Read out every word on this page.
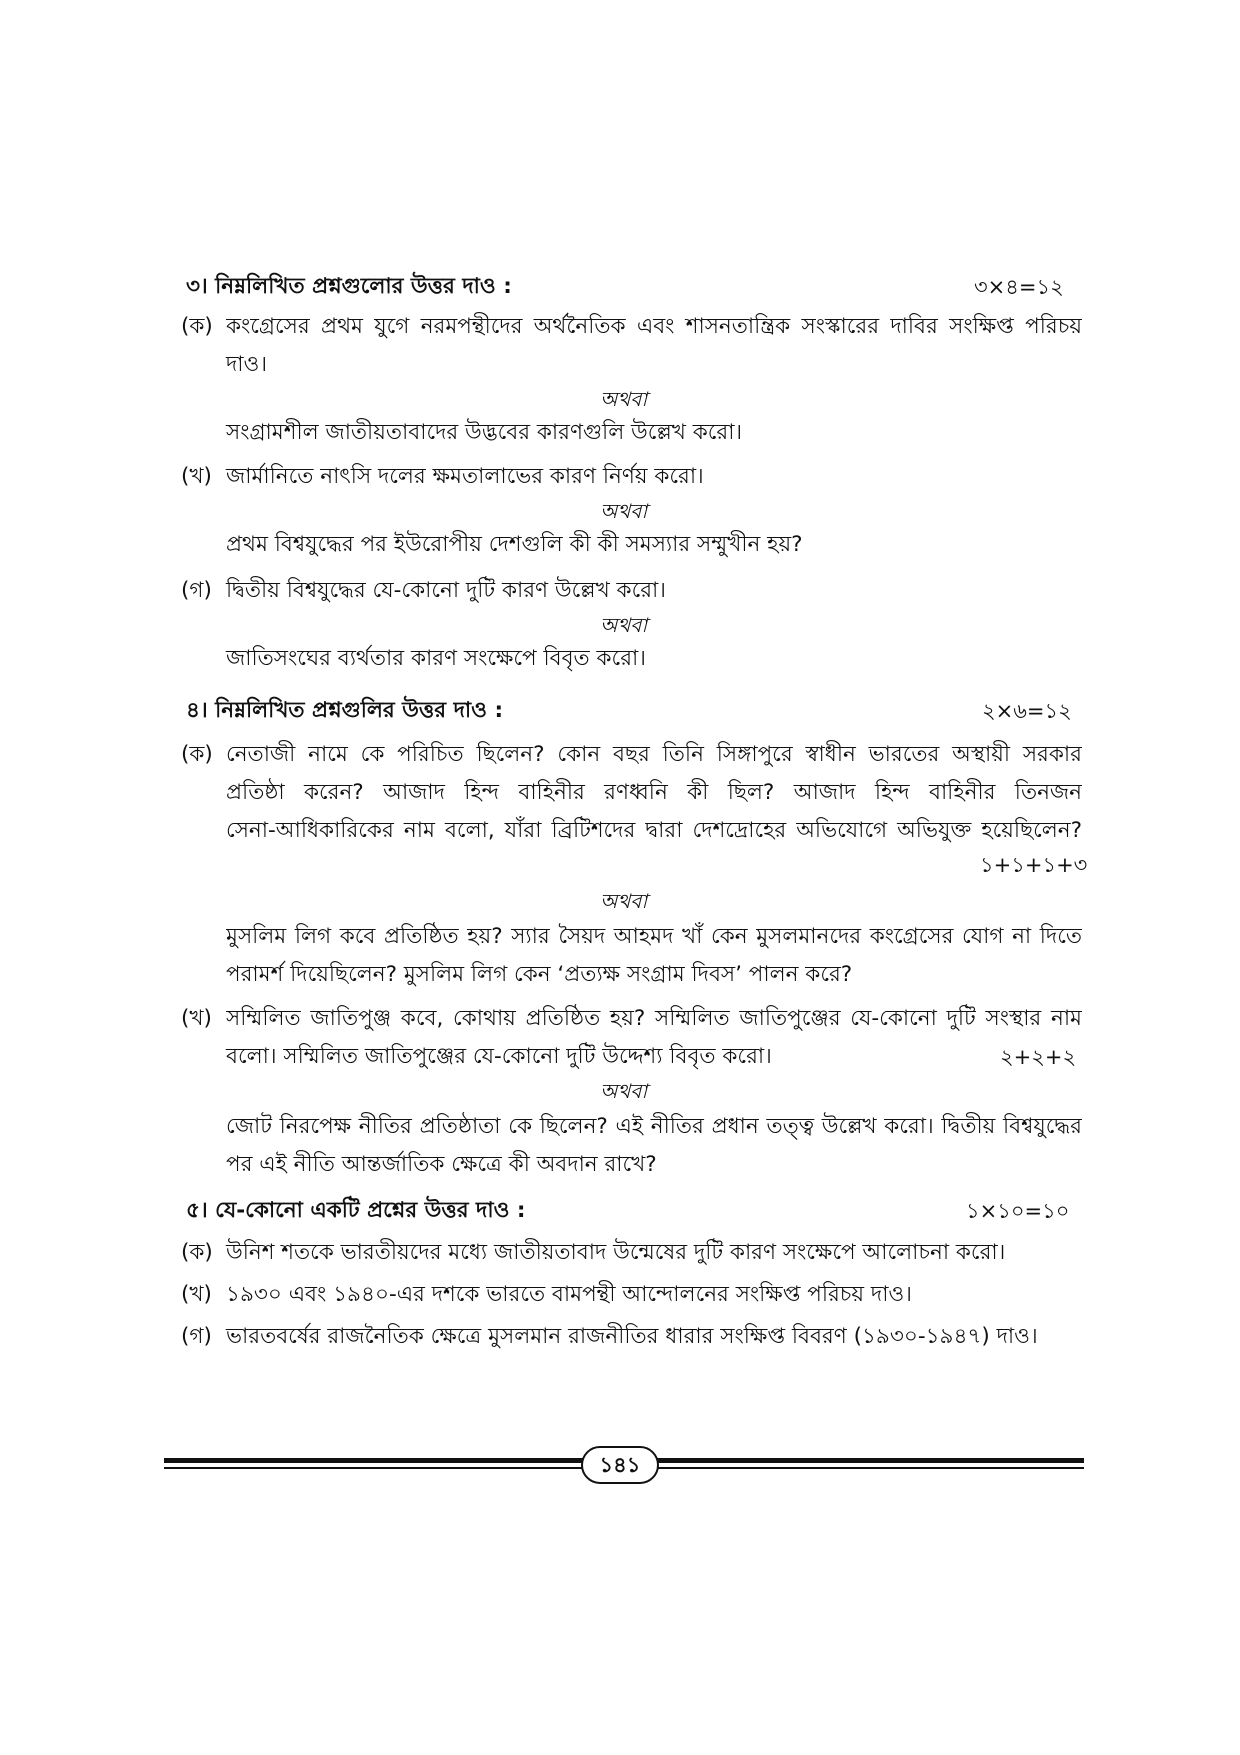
৩। নিম্নলিখিত প্রশ্নগুলোর উত্তর দাও :	৩×৪=১২
(ক) কংগ্রেসের প্রথম যুগে নরমপন্থীদের অর্থনৈতিক এবং শাসনতান্ত্রিক সংস্কারের দাবির সংক্ষিপ্ত পরিচয়
দাও।
অথবা
সংগ্রামশীল জাতীয়তাবাদের উদ্ভবের কারণগুলি উল্লেখ করো।
(খ) জার্মানিতে নাৎসি দলের ক্ষমতালাভের কারণ নির্ণয় করো।
অথবা
প্রথম বিশ্বযুদ্ধের পর ইউরোপীয় দেশগুলি কী কী সমস্যার সম্মুখীন হয়?
(গ) দ্বিতীয় বিশ্বযুদ্ধের যে-কোনো দুটি কারণ উল্লেখ করো।
অথবা
জাতিসংঘের ব্যর্থতার কারণ সংক্ষেপে বিবৃত করো।
৪। নিম্নলিখিত প্রশ্নগুলির উত্তর দাও :	২×৬=১২
(ক) নেতাজী নামে কে পরিচিত ছিলেন? কোন বছর তিনি সিঙ্গাপুরে স্বাধীন ভারতের অস্থায়ী সরকার
প্রতিষ্ঠা করেন? আজাদ হিন্দ বাহিনীর রণধ্বনি কী ছিল? আজাদ হিন্দ বাহিনীর তিনজন
সেনা-আধিকারিকের নাম বলো, যাঁরা ব্রিটিশদের দ্বারা দেশদ্রোহের অভিযোগে অভিযুক্ত হয়েছিলেন?
১+১+১+৩
অথবা
মুসলিম লিগ কবে প্রতিষ্ঠিত হয়? স্যার সৈয়দ আহমদ খাঁ কেন মুসলমানদের কংগ্রেসের যোগ না দিতে
পরামর্শ দিয়েছিলেন? মুসলিম লিগ কেন ‘প্রত্যক্ষ সংগ্রাম দিবস’ পালন করে?
(খ) সম্মিলিত জাতিপুঞ্জ কবে, কোথায় প্রতিষ্ঠিত হয়? সম্মিলিত জাতিপুঞ্জের যে-কোনো দুটি সংস্থার নাম
বলো। সম্মিলিত জাতিপুঞ্জের যে-কোনো দুটি উদ্দেশ্য বিবৃত করো।	২+২+২
অথবা
জোট নিরপেক্ষ নীতির প্রতিষ্ঠাতা কে ছিলেন? এই নীতির প্রধান তত্ত্ব উল্লেখ করো। দ্বিতীয় বিশ্বযুদ্ধের
পর এই নীতি আন্তর্জাতিক ক্ষেত্রে কী অবদান রাখে?
৫। যে-কোনো একটি প্রশ্নের উত্তর দাও :	১×১০=১০
(ক) উনিশ শতকে ভারতীয়দের মধ্যে জাতীয়তাবাদ উন্মেষের দুটি কারণ সংক্ষেপে আলোচনা করো।
(খ) ১৯৩০ এবং ১৯৪০-এর দশকে ভারতে বামপন্থী আন্দোলনের সংক্ষিপ্ত পরিচয় দাও।
(গ) ভারতবর্ষের রাজনৈতিক ক্ষেত্রে মুসলমান রাজনীতির ধারার সংক্ষিপ্ত বিবরণ (১৯৩০-১৯৪৭) দাও।
১৪১
